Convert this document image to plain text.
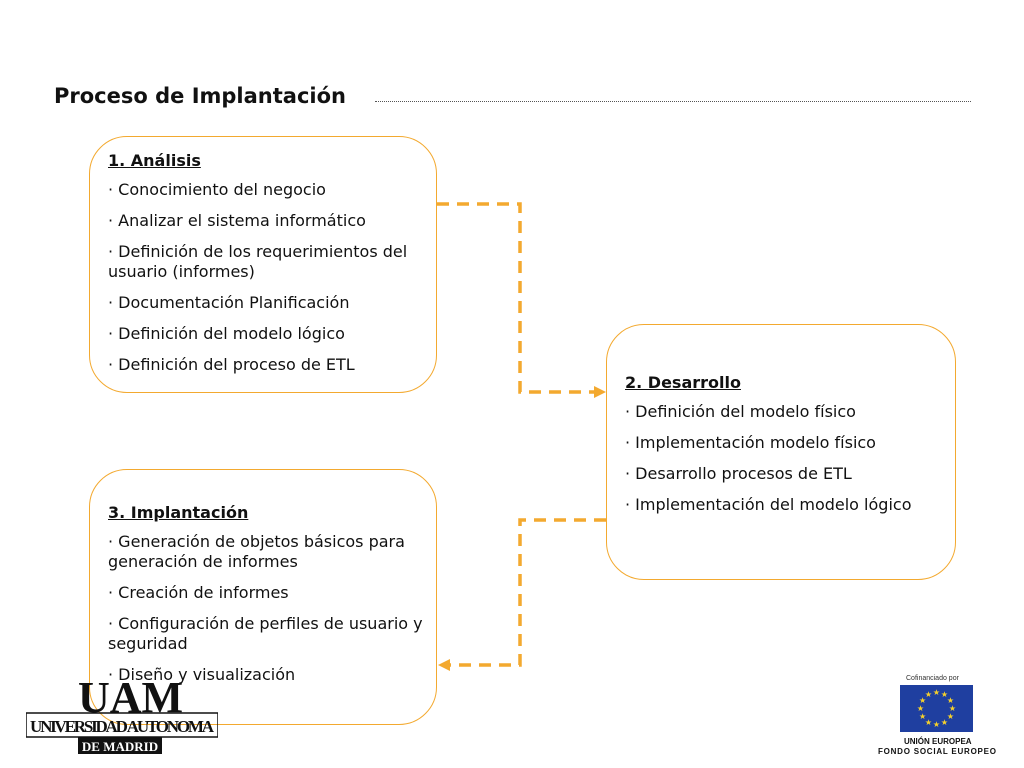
Proceso de Implantación

1. Análisis

· Conocimiento del negocio
· Analizar el sistema informático
· Definición de los requerimientos del usuario (informes)
· Documentación Planificación
· Definición del modelo lógico
· Definición del proceso de ETL

2. Desarrollo

· Definición del modelo físico
· Implementación modelo físico
· Desarrollo procesos de ETL
· Implementación del modelo lógico

3. Implantación

· Generación de objetos básicos para generación de informes
· Creación de informes
· Configuración de perfiles de usuario y seguridad
· Diseño y visualización
UAM
UNIVERSIDAD AUTONOMA
DE MADRID
Cofinanciado por
★ ★
★
★
★
★
★
★
★
★
★
★
UNIÓN EUROPEA
FONDO SOCIAL EUROPEO
